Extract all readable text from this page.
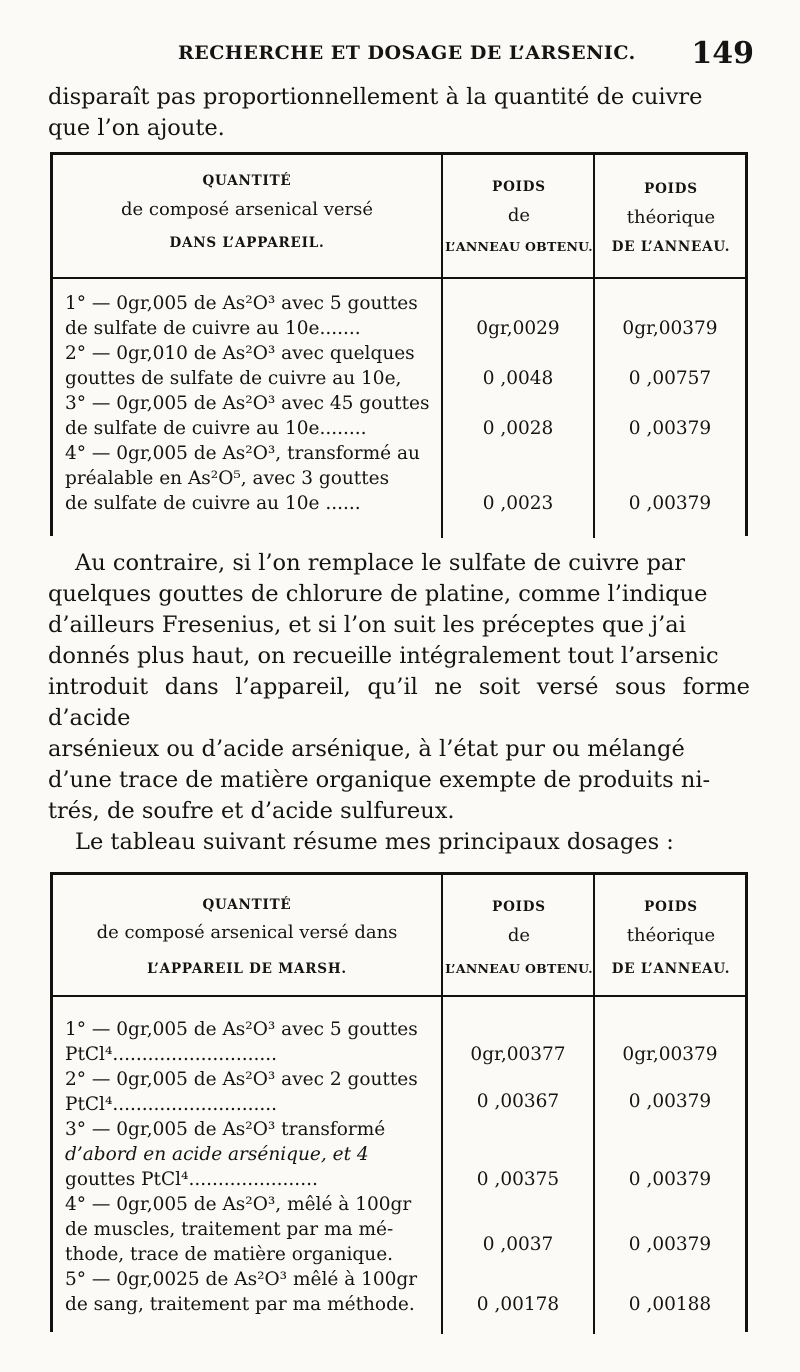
RECHERCHE ET DOSAGE DE L’ARSENIC. 149

disparaît pas proportionnellement à la quantité de cuivre

que l’on ajoute.

QUANTITÉ
de composé arsenical versé
DANS L’APPAREIL.
POIDS
de
L’ANNEAU OBTENU.
POIDS
théorique
DE L’ANNEAU.
1° — 0gr,005 de As²O³ avec 5 gouttes
de sulfate de cuivre au 10e.......	0gr,0029	0gr,00379
2° — 0gr,010 de As²O³ avec quelques
gouttes de sulfate de cuivre au 10e,	0 ,0048	0 ,00757
3° — 0gr,005 de As²O³ avec 45 gouttes
de sulfate de cuivre au 10e........	0 ,0028	0 ,00379
4° — 0gr,005 de As²O³, transformé au
préalable en As²O⁵, avec 3 gouttes
de sulfate de cuivre au 10e ......	0 ,0023	0 ,00379

Au contraire, si l’on remplace le sulfate de cuivre par

quelques gouttes de chlorure de platine, comme l’indique

d’ailleurs Fresenius, et si l’on suit les préceptes que j’ai

donnés plus haut, on recueille intégralement tout l’arsenic

introduit dans l’appareil, qu’il ne soit versé sous forme d’acide

arsénieux ou d’acide arsénique, à l’état pur ou mélangé

d’une trace de matière organique exempte de produits ni-

trés, de soufre et d’acide sulfureux.

Le tableau suivant résume mes principaux dosages :

QUANTITÉ
de composé arsenical versé dans
L’APPAREIL DE MARSH.
POIDS
de
L’ANNEAU OBTENU.
POIDS
théorique
DE L’ANNEAU.
1° — 0gr,005 de As²O³ avec 5 gouttes
PtCl⁴............................	0gr,00377	0gr,00379
2° — 0gr,005 de As²O³ avec 2 gouttes
PtCl⁴............................	0 ,00367	0 ,00379
3° — 0gr,005 de As²O³ transformé
d’abord en acide arsénique, et 4
gouttes PtCl⁴......................	0 ,00375	0 ,00379
4° — 0gr,005 de As²O³, mêlé à 100gr
de muscles, traitement par ma mé-
thode, trace de matière organique.	0 ,0037	0 ,00379
5° — 0gr,0025 de As²O³ mêlé à 100gr
de sang, traitement par ma méthode.	0 ,00178	0 ,00188
